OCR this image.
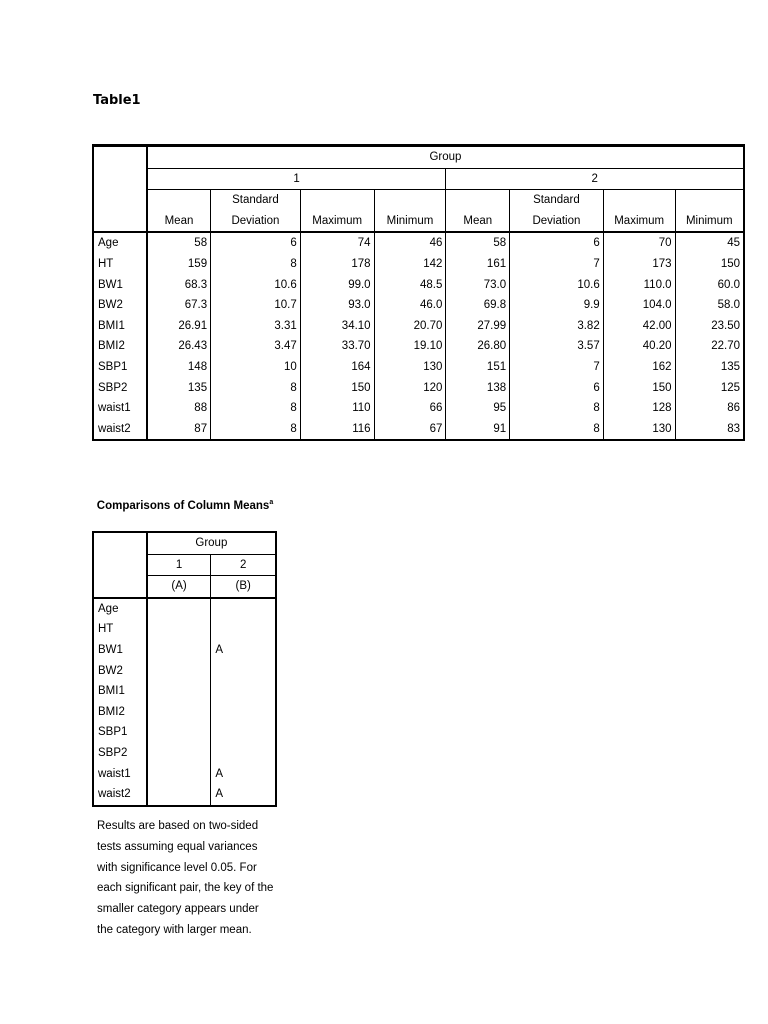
Table1
	Group							
	1				2			
		Standard				Standard		
	Mean	Deviation	Maximum	Minimum	Mean	Deviation	Maximum	Minimum
Age	58	6	74	46	58	6	70	45
HT	159	8	178	142	161	7	173	150
BW1	68.3	10.6	99.0	48.5	73.0	10.6	110.0	60.0
BW2	67.3	10.7	93.0	46.0	69.8	9.9	104.0	58.0
BMI1	26.91	3.31	34.10	20.70	27.99	3.82	42.00	23.50
BMI2	26.43	3.47	33.70	19.10	26.80	3.57	40.20	22.70
SBP1	148	10	164	130	151	7	162	135
SBP2	135	8	150	120	138	6	150	125
waist1	88	8	110	66	95	8	128	86
waist2	87	8	116	67	91	8	130	83
Comparisons of Column Means$^a$
	Group	
	1	2
	(A)	(B)
Age		
HT		
BW1		A
BW2		
BMI1		
BMI2		
SBP1		
SBP2		
waist1		A
waist2		A
Results are based on two-sided tests assuming equal variances with significance level 0.05. For each significant pair, the key of the smaller category appears under the category with larger mean.
